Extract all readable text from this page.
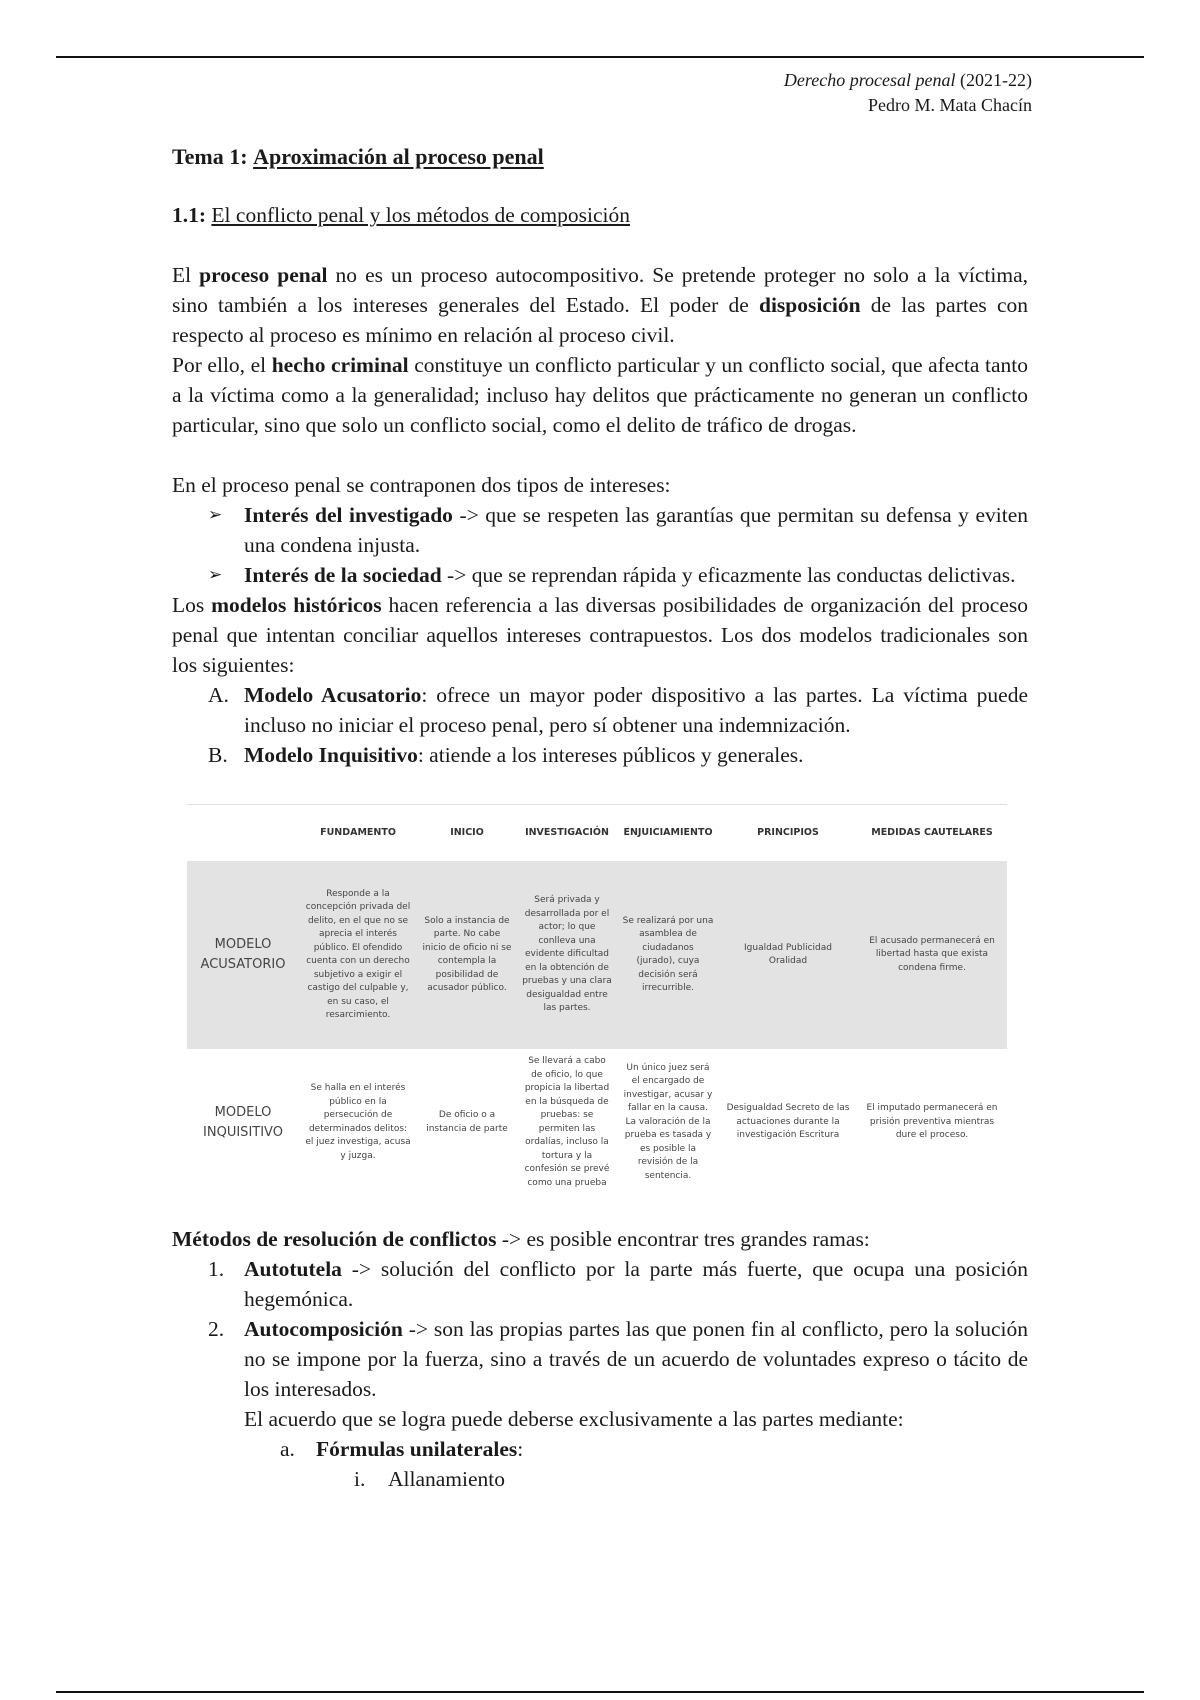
Derecho procesal penal (2021-22)
Pedro M. Mata Chacín

Tema 1: Aproximación al proceso penal

1.1: El conflicto penal y los métodos de composición

El proceso penal no es un proceso autocompositivo. Se pretende proteger no solo a la víctima, sino también a los intereses generales del Estado. El poder de disposición de las partes con respecto al proceso es mínimo en relación al proceso civil.

Por ello, el hecho criminal constituye un conflicto particular y un conflicto social, que afecta tanto a la víctima como a la generalidad; incluso hay delitos que prácticamente no generan un conflicto particular, sino que solo un conflicto social, como el delito de tráfico de drogas.

En el proceso penal se contraponen dos tipos de intereses:

➢ Interés del investigado -> que se respeten las garantías que permitan su defensa y eviten una condena injusta.
➢ Interés de la sociedad -> que se reprendan rápida y eficazmente las conductas delictivas.

Los modelos históricos hacen referencia a las diversas posibilidades de organización del proceso penal que intentan conciliar aquellos intereses contrapuestos. Los dos modelos tradicionales son los siguientes:

A. Modelo Acusatorio: ofrece un mayor poder dispositivo a las partes. La víctima puede incluso no iniciar el proceso penal, pero sí obtener una indemnización.
B. Modelo Inquisitivo: atiende a los intereses públicos y generales.
	FUNDAMENTO	INICIO	INVESTIGACIÓN	ENJUICIAMIENTO	PRINCIPIOS	MEDIDAS CAUTELARES
MODELO ACUSATORIO	Responde a la concepción privada del delito, en el que no se aprecia el interés público. El ofendido cuenta con un derecho subjetivo a exigir el castigo del culpable y, en su caso, el resarcimiento.	Solo a instancia de parte. No cabe inicio de oficio ni se contempla la posibilidad de acusador público.	Será privada y desarrollada por el actor; lo que conlleva una evidente dificultad en la obtención de pruebas y una clara desigualdad entre las partes.	Se realizará por una asamblea de ciudadanos (jurado), cuya decisión será irrecurrible.	Igualdad Publicidad Oralidad	El acusado permanecerá en libertad hasta que exista condena firme.
MODELO INQUISITIVO	Se halla en el interés público en la persecución de determinados delitos: el juez investiga, acusa y juzga.	De oficio o a instancia de parte	Se llevará a cabo de oficio, lo que propicia la libertad en la búsqueda de pruebas: se permiten las ordalías, incluso la tortura y la confesión se prevé como una prueba	Un único juez será el encargado de investigar, acusar y fallar en la causa. La valoración de la prueba es tasada y es posible la revisión de la sentencia.	Desigualdad Secreto de las actuaciones durante la investigación Escritura	El imputado permanecerá en prisión preventiva mientras dure el proceso.

Métodos de resolución de conflictos -> es posible encontrar tres grandes ramas:

1. Autotutela -> solución del conflicto por la parte más fuerte, que ocupa una posición hegemónica.
2. Autocomposición -> son las propias partes las que ponen fin al conflicto, pero la solución no se impone por la fuerza, sino a través de un acuerdo de voluntades expreso o tácito de los interesados.

El acuerdo que se logra puede deberse exclusivamente a las partes mediante:

a. Fórmulas unilaterales:

i. Allanamiento
